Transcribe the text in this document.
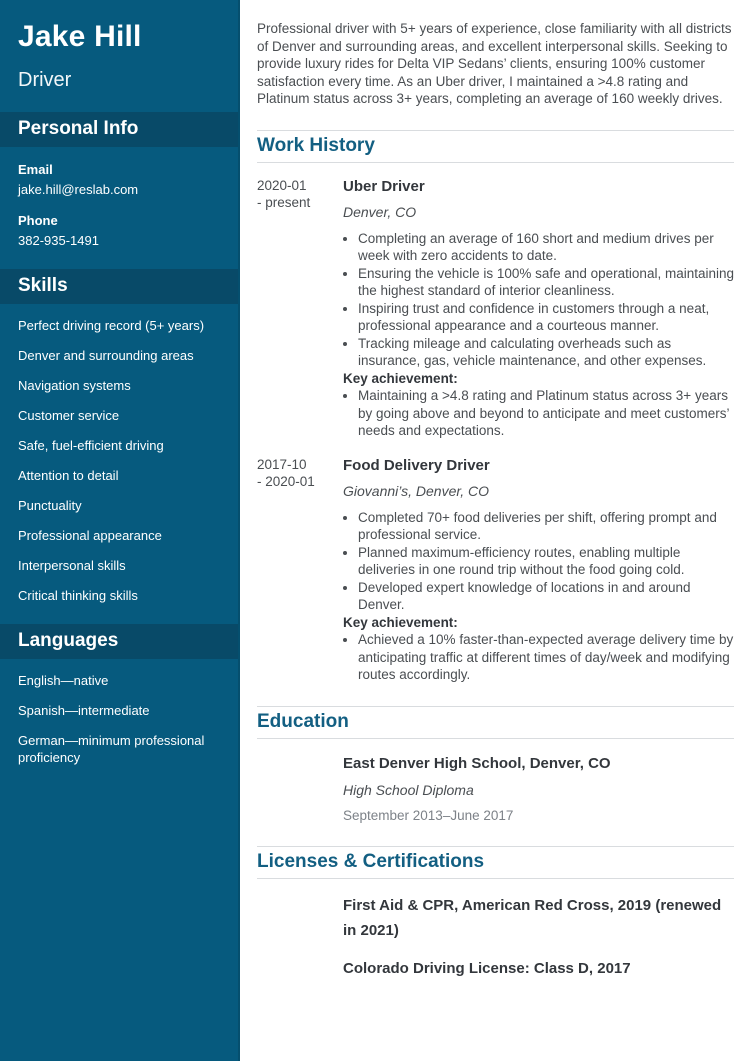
Jake Hill
Driver
Personal Info
Email
jake.hill@reslab.com
Phone
382-935-1491
Skills
Perfect driving record (5+ years)
Denver and surrounding areas
Navigation systems
Customer service
Safe, fuel-efficient driving
Attention to detail
Punctuality
Professional appearance
Interpersonal skills
Critical thinking skills
Languages
English—native
Spanish—intermediate
German—minimum professional proficiency

Professional driver with 5+ years of experience, close familiarity with all districts of Denver and surrounding areas, and excellent interpersonal skills. Seeking to provide luxury rides for Delta VIP Sedans’ clients, ensuring 100% customer satisfaction every time. As an Uber driver, I maintained a >4.8 rating and Platinum status across 3+ years, completing an average of 160 weekly drives.

Work History
2020-01
- present
Uber Driver
Denver, CO
• Completing an average of 160 short and medium drives per week with zero accidents to date.
• Ensuring the vehicle is 100% safe and operational, maintaining the highest standard of interior cleanliness.
• Inspiring trust and confidence in customers through a neat, professional appearance and a courteous manner.
• Tracking mileage and calculating overheads such as insurance, gas, vehicle maintenance, and other expenses.
Key achievement:
• Maintaining a >4.8 rating and Platinum status across 3+ years by going above and beyond to anticipate and meet customers’ needs and expectations.
2017-10
- 2020-01
Food Delivery Driver
Giovanni’s, Denver, CO
• Completed 70+ food deliveries per shift, offering prompt and professional service.
• Planned maximum-efficiency routes, enabling multiple deliveries in one round trip without the food going cold.
• Developed expert knowledge of locations in and around Denver.
Key achievement:
• Achieved a 10% faster-than-expected average delivery time by anticipating traffic at different times of day/week and modifying routes accordingly.
Education
East Denver High School, Denver, CO
High School Diploma
September 2013–June 2017
Licenses & Certifications
First Aid & CPR, American Red Cross, 2019 (renewed in 2021)
Colorado Driving License: Class D, 2017
